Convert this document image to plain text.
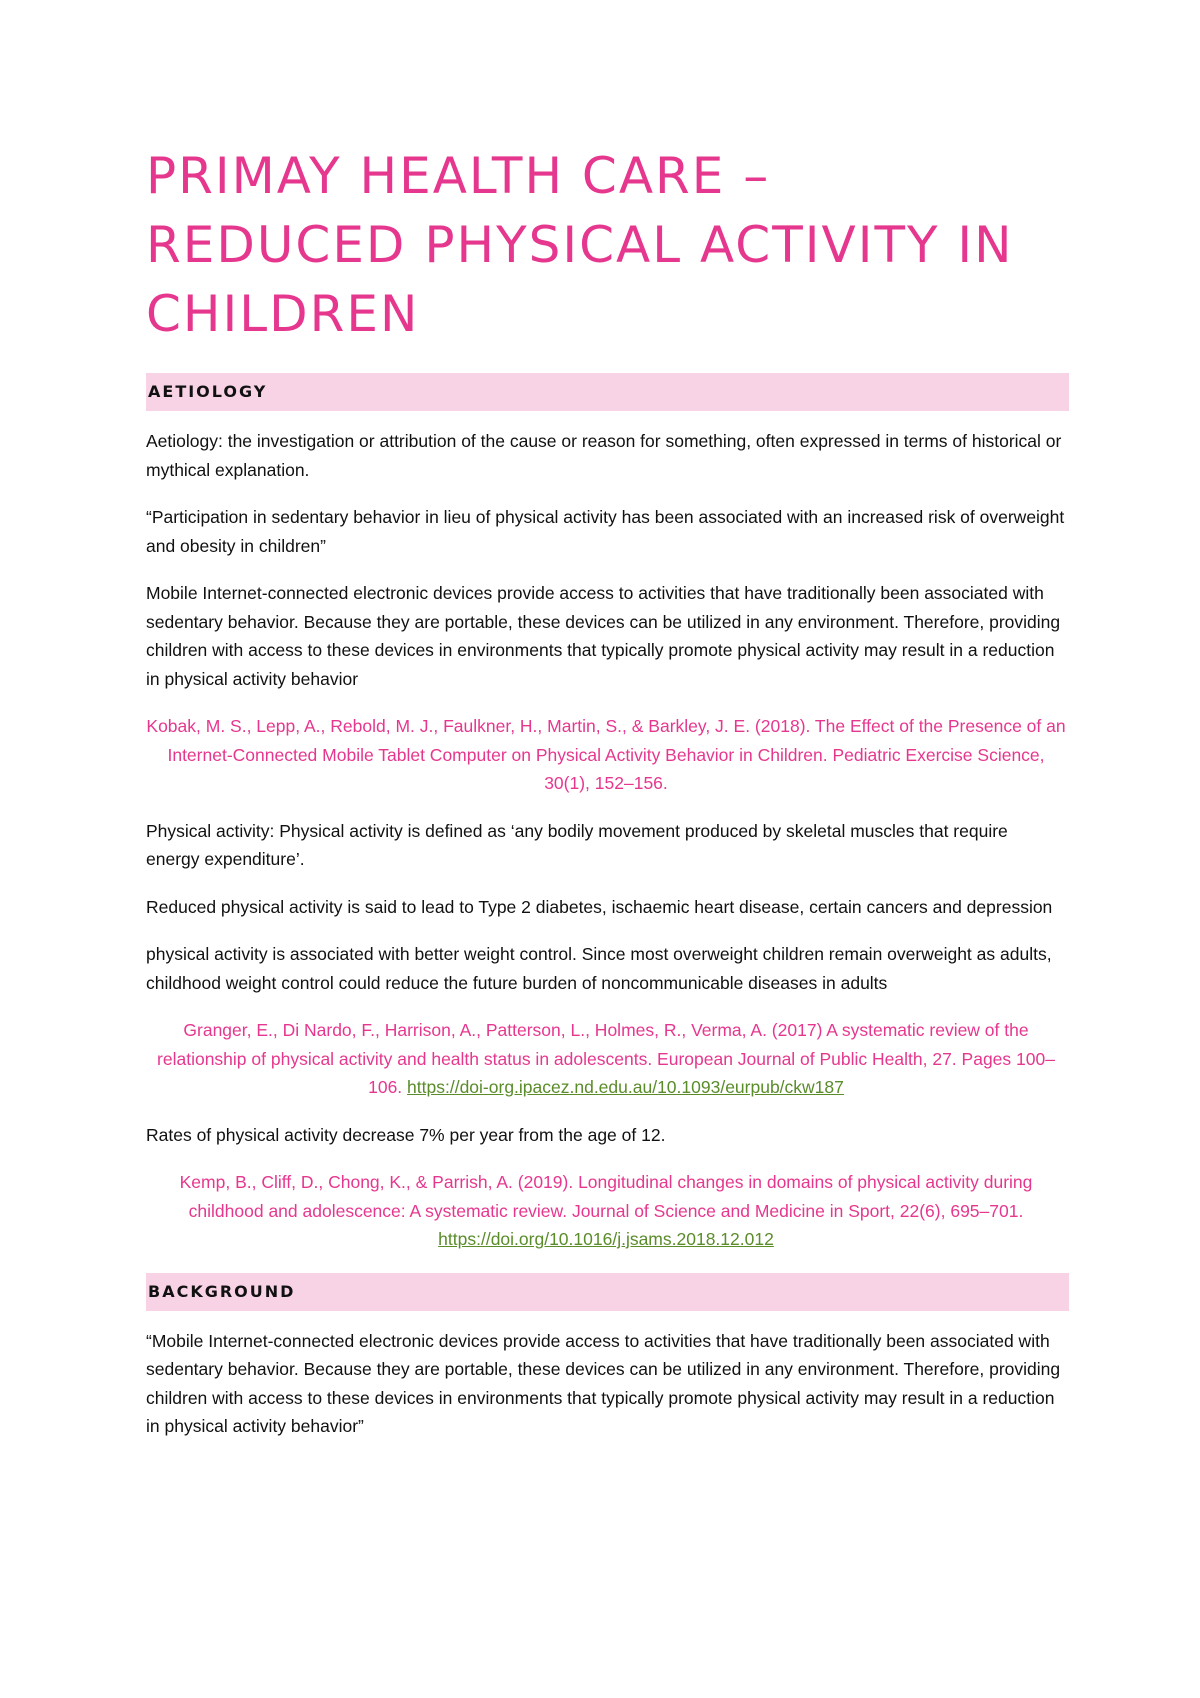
PRIMAY HEALTH CARE –
REDUCED PHYSICAL ACTIVITY IN
CHILDREN
AETIOLOGY

Aetiology: the investigation or attribution of the cause or reason for something, often expressed in terms of historical or mythical explanation.

“Participation in sedentary behavior in lieu of physical activity has been associated with an increased risk of overweight and obesity in children”

Mobile Internet-connected electronic devices provide access to activities that have traditionally been associated with sedentary behavior. Because they are portable, these devices can be utilized in any environment. Therefore, providing children with access to these devices in environments that typically promote physical activity may result in a reduction in physical activity behavior

Kobak, M. S., Lepp, A., Rebold, M. J., Faulkner, H., Martin, S., & Barkley, J. E. (2018). The Effect of the Presence of an Internet-Connected Mobile Tablet Computer on Physical Activity Behavior in Children. Pediatric Exercise Science, 30(1), 152–156.

Physical activity: Physical activity is defined as ‘any bodily movement produced by skeletal muscles that require energy expenditure’.

Reduced physical activity is said to lead to Type 2 diabetes, ischaemic heart disease, certain cancers and depression

physical activity is associated with better weight control. Since most overweight children remain overweight as adults, childhood weight control could reduce the future burden of noncommunicable diseases in adults

Granger, E., Di Nardo, F., Harrison, A., Patterson, L., Holmes, R., Verma, A. (2017) A systematic review of the relationship of physical activity and health status in adolescents. European Journal of Public Health, 27. Pages 100–106. https://doi-org.ipacez.nd.edu.au/10.1093/eurpub/ckw187

Rates of physical activity decrease 7% per year from the age of 12.

Kemp, B., Cliff, D., Chong, K., & Parrish, A. (2019). Longitudinal changes in domains of physical activity during childhood and adolescence: A systematic review. Journal of Science and Medicine in Sport, 22(6), 695–701. https://doi.org/10.1016/j.jsams.2018.12.012

BACKGROUND

“Mobile Internet-connected electronic devices provide access to activities that have traditionally been associated with sedentary behavior. Because they are portable, these devices can be utilized in any environment. Therefore, providing children with access to these devices in environments that typically promote physical activity may result in a reduction in physical activity behavior”
